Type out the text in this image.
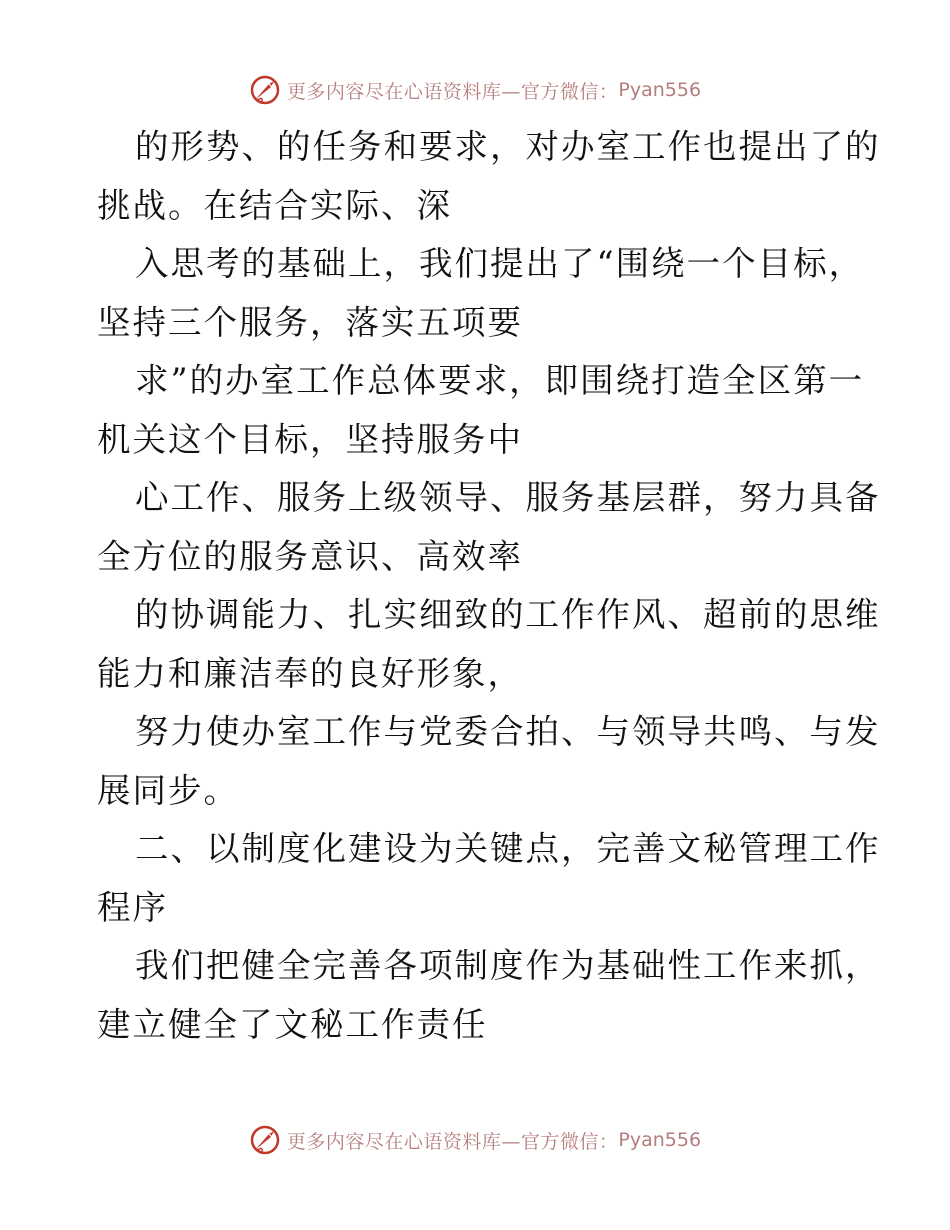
更多内容尽在心语资料库—官方微信： Pyan556
的形势、的任务和要求，对办室工作也提出了的
挑战。在结合实际、深
入思考的基础上，我们提出了“围绕一个目标，
坚持三个服务，落实五项要
求”的办室工作总体要求，即围绕打造全区第一
机关这个目标，坚持服务中
心工作、服务上级领导、服务基层群，努力具备
全方位的服务意识、高效率
的协调能力、扎实细致的工作作风、超前的思维
能力和廉洁奉的良好形象，
努力使办室工作与党委合拍、与领导共鸣、与发
展同步。
二、以制度化建设为关键点，完善文秘管理工作
程序
我们把健全完善各项制度作为基础性工作来抓，
建立健全了文秘工作责任
更多内容尽在心语资料库—官方微信： Pyan556
